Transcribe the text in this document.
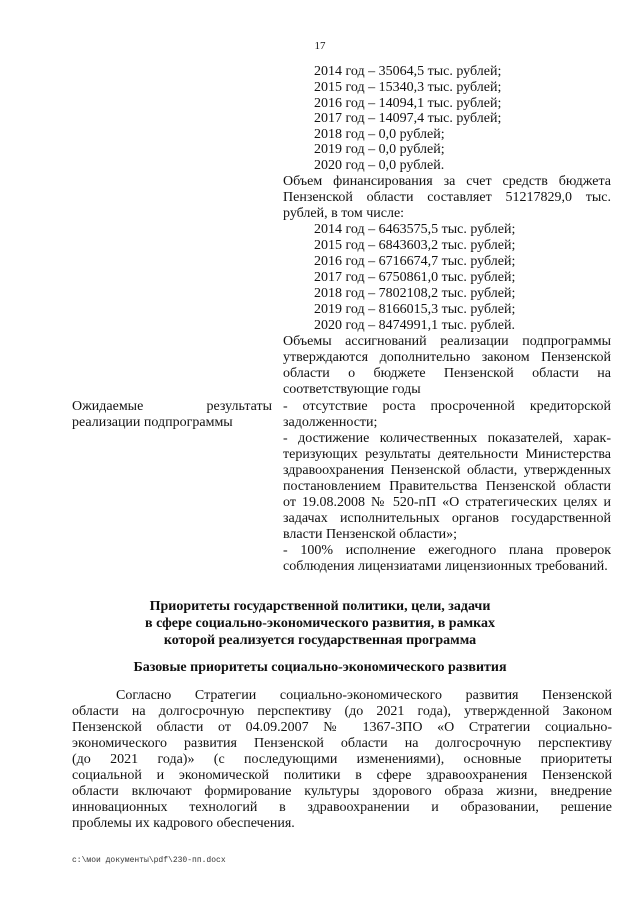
17
2014 год – 35064,5 тыс. рублей;
2015 год – 15340,3 тыс. рублей;
2016 год – 14094,1 тыс. рублей;
2017 год – 14097,4 тыс. рублей;
2018 год – 0,0 рублей;
2019 год – 0,0 рублей;
2020 год – 0,0 рублей.
Объем финансирования за счет средств бюджета
Пензенской области составляет 51217829,0 тыс.
рублей, в том числе:
2014 год – 6463575,5 тыс. рублей;
2015 год – 6843603,2 тыс. рублей;
2016 год – 6716674,7 тыс. рублей;
2017 год – 6750861,0 тыс. рублей;
2018 год – 7802108,2 тыс. рублей;
2019 год – 8166015,3 тыс. рублей;
2020 год – 8474991,1 тыс. рублей.
Объемы ассигнований реализации подпрограммы
утверждаются дополнительно законом Пензенской
области о бюджете Пензенской области на
соответствующие годы
Ожидаемые результаты
реализации подпрограммы
- отсутствие роста просроченной кредиторской
задолженности;
- достижение количественных показателей, харак-
теризующих результаты деятельности Министерства
здравоохранения Пензенской области, утвержденных
постановлением Правительства Пензенской области
от 19.08.2008 № 520-пП «О стратегических целях и
задачах исполнительных органов государственной
власти Пензенской области»;
- 100% исполнение ежегодного плана проверок
соблюдения лицензиатами лицензионных требований.
Приоритеты государственной политики, цели, задачи
в сфере социально-экономического развития, в рамках
которой реализуется государственная программа
Базовые приоритеты социально-экономического развития
Согласно Стратегии социально-экономического развития Пензенской
области на долгосрочную перспективу (до 2021 года), утвержденной Законом
Пензенской области от 04.09.2007 № 1367-ЗПО «О Стратегии социально-
экономического развития Пензенской области на долгосрочную перспективу
(до 2021 года)» (с последующими изменениями), основные приоритеты
социальной и экономической политики в сфере здравоохранения Пензенской
области включают формирование культуры здорового образа жизни, внедрение
инновационных технологий в здравоохранении и образовании, решение
проблемы их кадрового обеспечения.
c:\мои документы\pdf\230-пп.docx
